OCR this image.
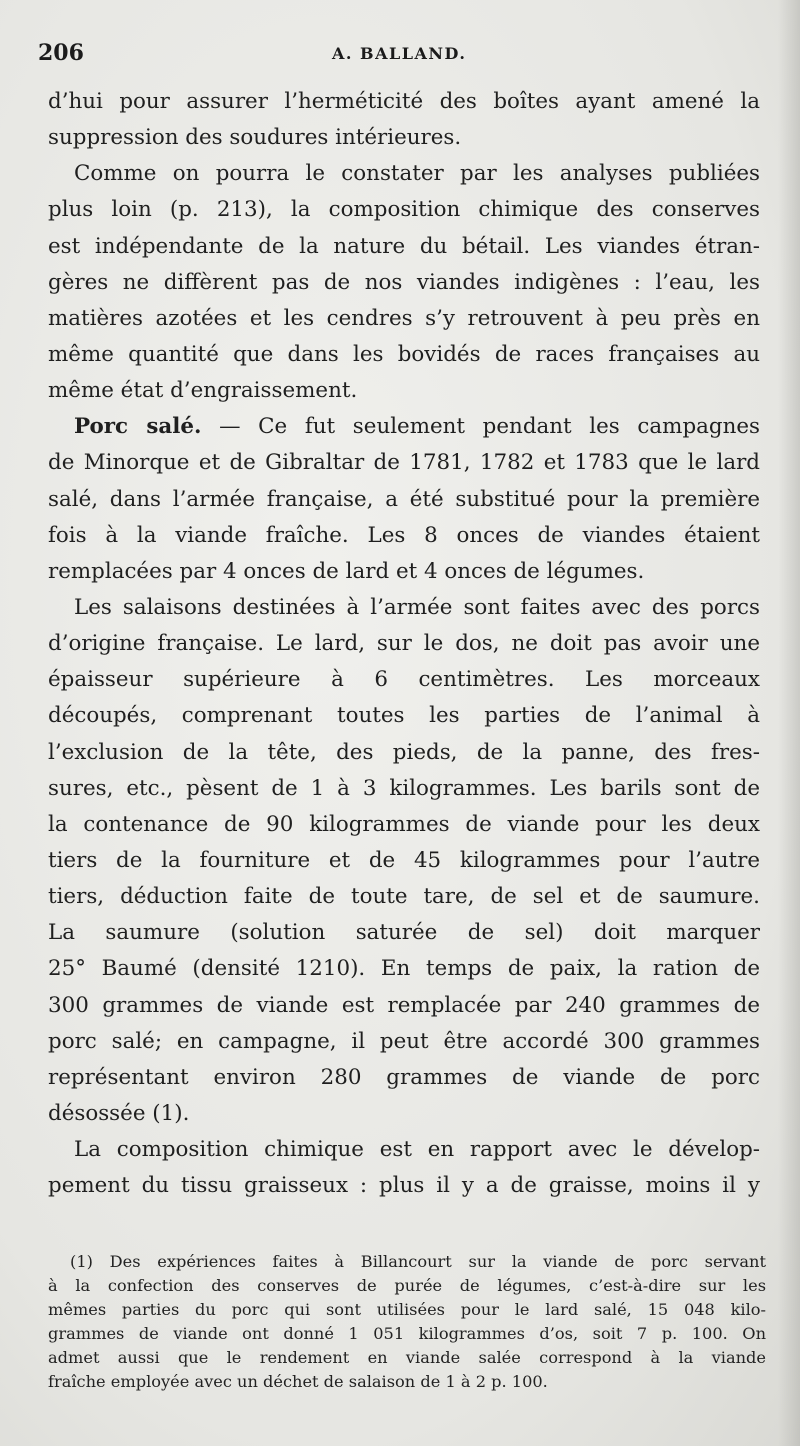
206	A. BALLAND.
d’hui pour assurer l’herméticité des boîtes ayant amené la
suppression des soudures intérieures.
Comme on pourra le constater par les analyses publiées
plus loin (p. 213), la composition chimique des conserves
est indépendante de la nature du bétail. Les viandes étran-
gères ne diffèrent pas de nos viandes indigènes : l’eau, les
matières azotées et les cendres s’y retrouvent à peu près en
même quantité que dans les bovidés de races françaises au
même état d’engraissement.
Porc salé. — Ce fut seulement pendant les campagnes
de Minorque et de Gibraltar de 1781, 1782 et 1783 que le lard
salé, dans l’armée française, a été substitué pour la première
fois à la viande fraîche. Les 8 onces de viandes étaient
remplacées par 4 onces de lard et 4 onces de légumes.
Les salaisons destinées à l’armée sont faites avec des porcs
d’origine française. Le lard, sur le dos, ne doit pas avoir une
épaisseur supérieure à 6 centimètres. Les morceaux
découpés, comprenant toutes les parties de l’animal à
l’exclusion de la tête, des pieds, de la panne, des fres-
sures, etc., pèsent de 1 à 3 kilogrammes. Les barils sont de
la contenance de 90 kilogrammes de viande pour les deux
tiers de la fourniture et de 45 kilogrammes pour l’autre
tiers, déduction faite de toute tare, de sel et de saumure.
La saumure (solution saturée de sel) doit marquer
25° Baumé (densité 1210). En temps de paix, la ration de
300 grammes de viande est remplacée par 240 grammes de
porc salé; en campagne, il peut être accordé 300 grammes
représentant environ 280 grammes de viande de porc
désossée (1).
La composition chimique est en rapport avec le dévelop-
pement du tissu graisseux : plus il y a de graisse, moins il y
(1) Des expériences faites à Billancourt sur la viande de porc servant
à la confection des conserves de purée de légumes, c’est-à-dire sur les
mêmes parties du porc qui sont utilisées pour le lard salé, 15 048 kilo-
grammes de viande ont donné 1 051 kilogrammes d’os, soit 7 p. 100. On
admet aussi que le rendement en viande salée correspond à la viande
fraîche employée avec un déchet de salaison de 1 à 2 p. 100.
